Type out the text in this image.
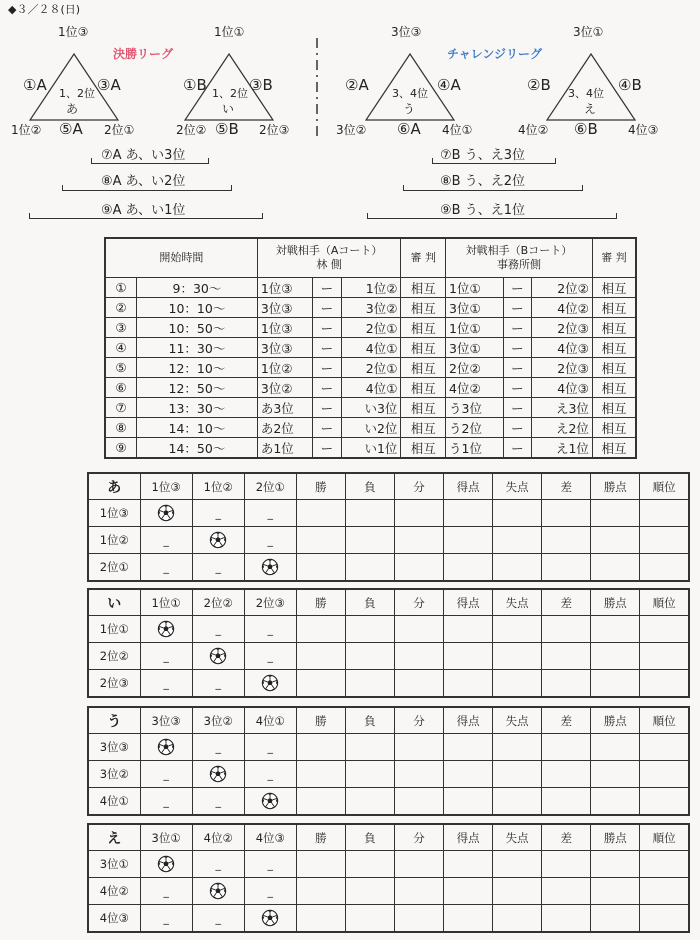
◆３／２８(日)
決勝リーグ	チャレンジリーグ
1位③
①A	③A
1、2位
あ
1位② ⑤A 2位①
1位①
①B	③B
1、2位
い
2位② ⑤B 2位③
3位③
②A	④A
3、4位
う
3位② ⑥A 4位①
3位①
②B	④B
3、4位
え
4位② ⑥B	4位③
⑦A あ、い3位
⑧A あ、い2位
⑨A あ、い1位
⑦B う、え3位
⑧B う、え2位
⑨B う、え1位
開始時間		対戦相手（Aコート）
林 側			審 判	対戦相手（Bコート）
事務所側			審 判
①	9：30～	1位③	ー	1位②	相互	1位①	ー	2位②	相互
②	10：10～	3位③	ー	3位②	相互	3位①	ー	4位②	相互
③	10：50～	1位③	ー	2位①	相互	1位①	ー	2位③	相互
④	11：30～	3位③	ー	4位①	相互	3位①	ー	4位③	相互
⑤	12：10～	1位②	ー	2位①	相互	2位②	ー	2位③	相互
⑥	12：50～	3位②	ー	4位①	相互	4位②	ー	4位③	相互
⑦	13：30～	あ3位	ー	い3位	相互	う3位	ー	え3位	相互
⑧	14：10～	あ2位	ー	い2位	相互	う2位	ー	え2位	相互
⑨	14：50～	あ1位	ー	い1位	相互	う1位	ー	え1位	相互
あ	1位③	1位②	2位①	勝	負	分	得点	失点	差	勝点	順位
1位③		_	_								
1位②	_		_								
2位①	_	_									
い	1位①	2位②	2位③	勝	負	分	得点	失点	差	勝点	順位
1位①		_	_								
2位②	_		_								
2位③	_	_									
う	3位③	3位②	4位①	勝	負	分	得点	失点	差	勝点	順位
3位③		_	_								
3位②	_		_								
4位①	_	_									
え	3位①	4位②	4位③	勝	負	分	得点	失点	差	勝点	順位
3位①		_	_								
4位②	_		_								
4位③	_	_									
